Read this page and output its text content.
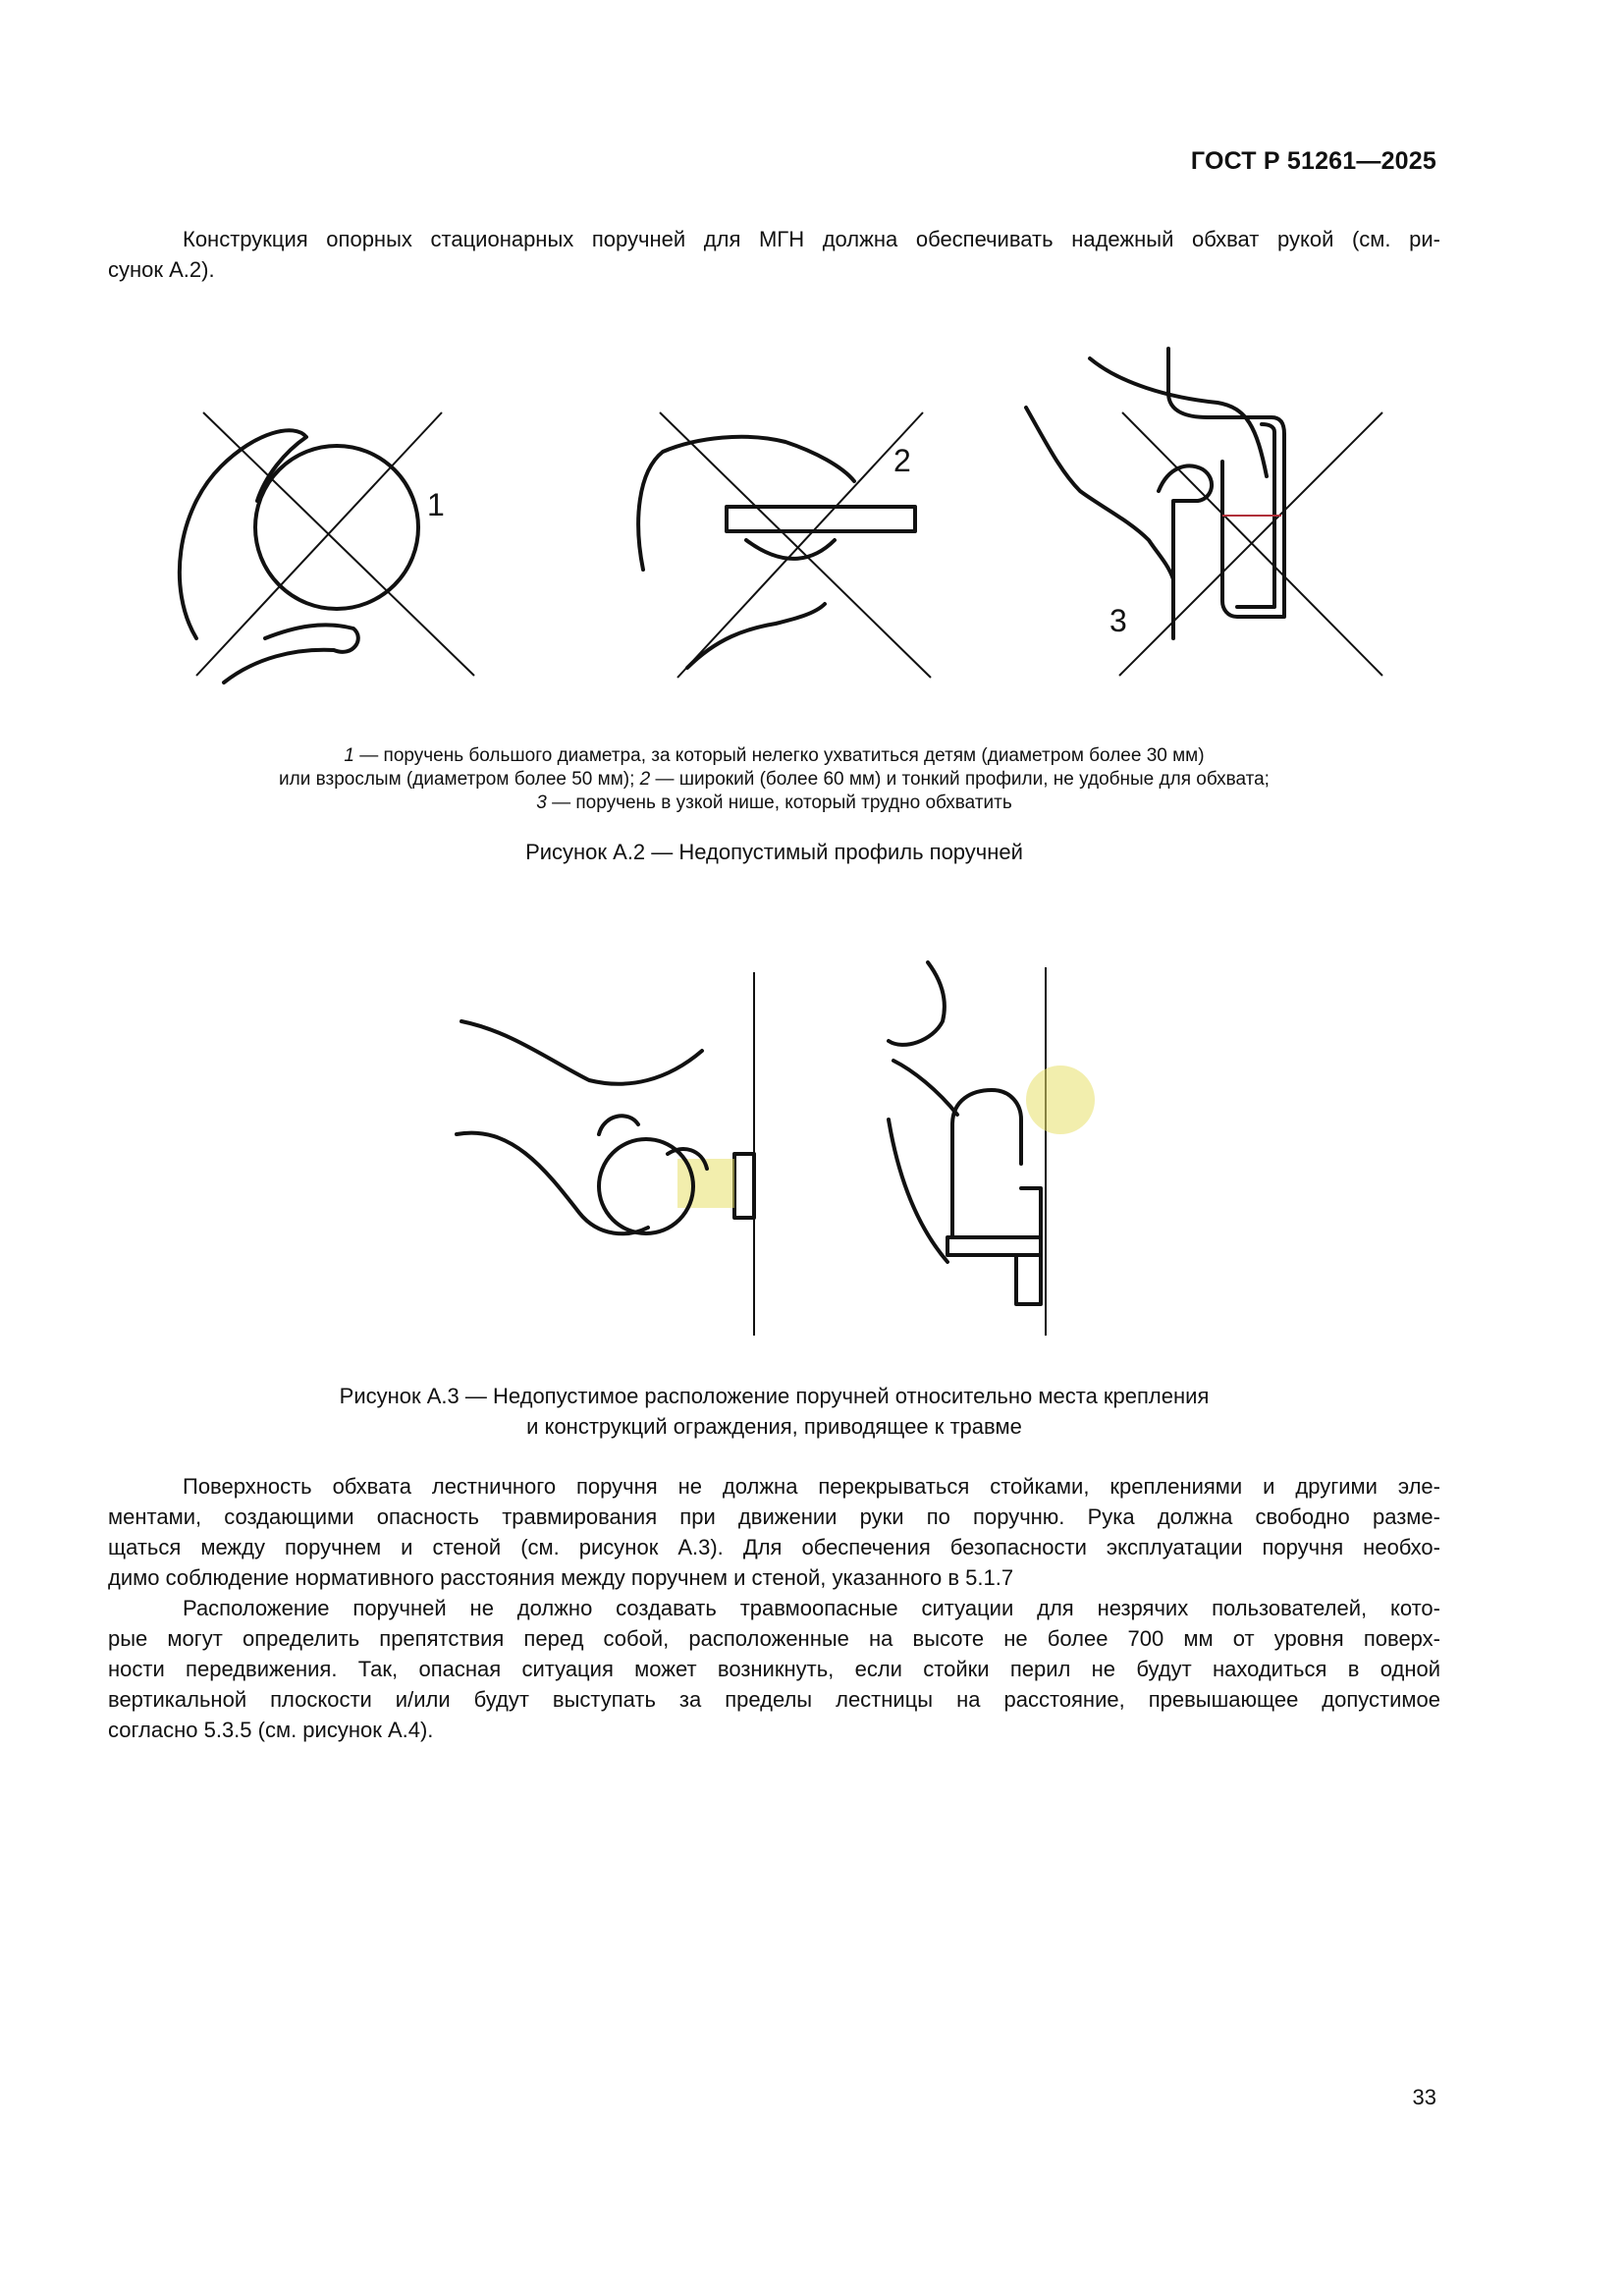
ГОСТ Р 51261—2025
Конструкция опорных стационарных поручней для МГН должна обеспечивать надежный обхват рукой (см. ри-
сунок А.2).
1
2
3
1 — поручень большого диаметра, за который нелегко ухватиться детям (диаметром более 30 мм)
или взрослым (диаметром более 50 мм); 2 — широкий (более 60 мм) и тонкий профили, не удобные для обхвата;
3 — поручень в узкой нише, который трудно обхватить
Рисунок А.2 — Недопустимый профиль поручней
Рисунок А.3 — Недопустимое расположение поручней относительно места крепления
и конструкций ограждения, приводящее к травме
Поверхность обхвата лестничного поручня не должна перекрываться стойками, креплениями и другими эле-
ментами, создающими опасность травмирования при движении руки по поручню. Рука должна свободно разме-
щаться между поручнем и стеной (см. рисунок А.3). Для обеспечения безопасности эксплуатации поручня необхо-
димо соблюдение нормативного расстояния между поручнем и стеной, указанного в 5.1.7
Расположение поручней не должно создавать травмоопасные ситуации для незрячих пользователей, кото-
рые могут определить препятствия перед собой, расположенные на высоте не более 700 мм от уровня поверх-
ности передвижения. Так, опасная ситуация может возникнуть, если стойки перил не будут находиться в одной
вертикальной плоскости и/или будут выступать за пределы лестницы на расстояние, превышающее допустимое
согласно 5.3.5 (см. рисунок А.4).
33
